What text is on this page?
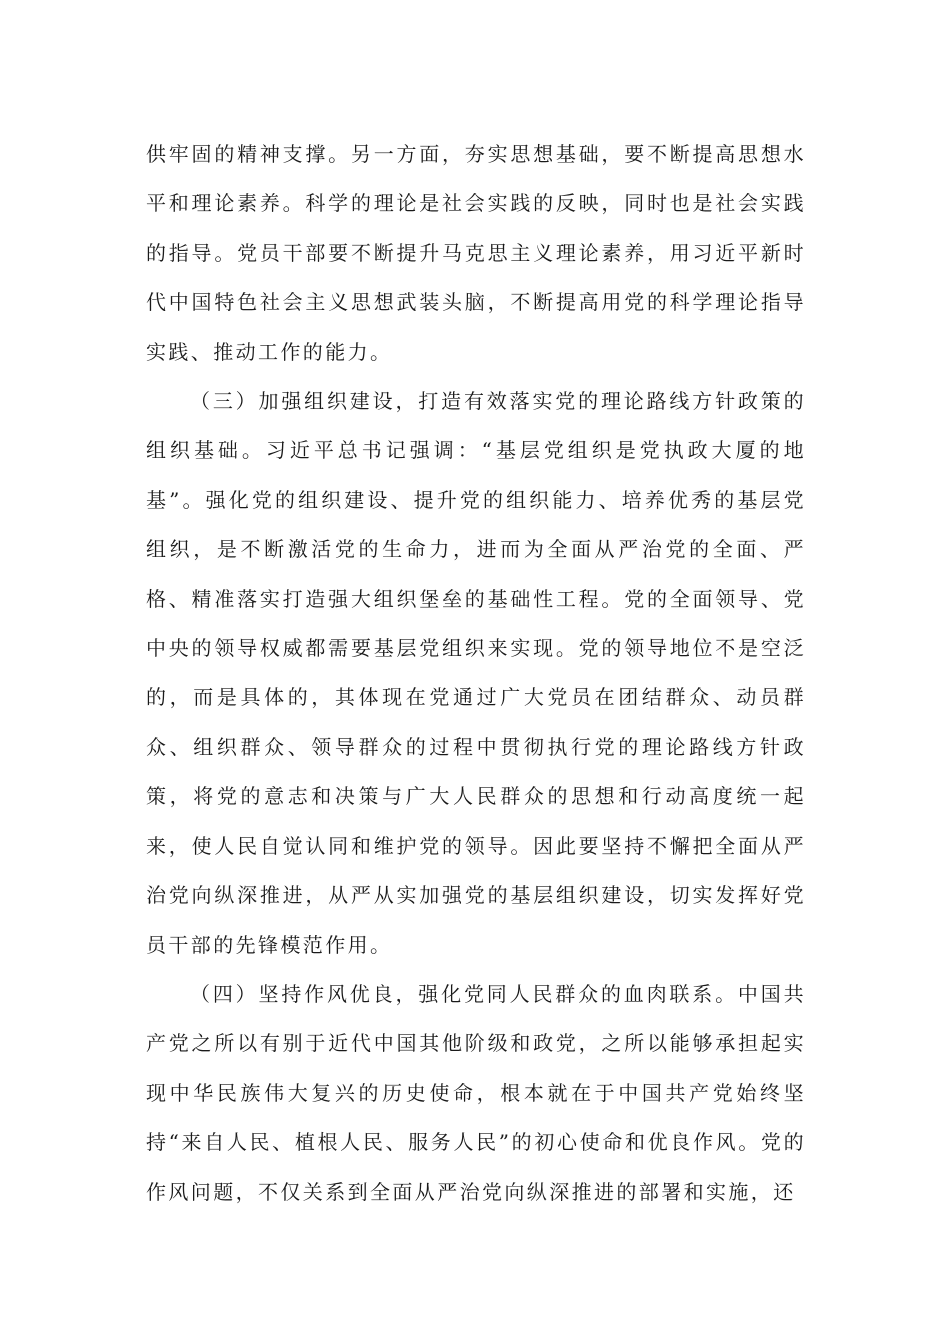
供牢固的精神支撑。另一方面，夯实思想基础，要不断提高思想水平和理论素养。科学的理论是社会实践的反映，同时也是社会实践的指导。党员干部要不断提升马克思主义理论素养，用习近平新时代中国特色社会主义思想武装头脑，不断提高用党的科学理论指导实践、推动工作的能力。

（三）加强组织建设，打造有效落实党的理论路线方针政策的组织基础。习近平总书记强调：“基层党组织是党执政大厦的地基”。强化党的组织建设、提升党的组织能力、培养优秀的基层党组织，是不断激活党的生命力，进而为全面从严治党的全面、严格、精准落实打造强大组织堡垒的基础性工程。党的全面领导、党中央的领导权威都需要基层党组织来实现。党的领导地位不是空泛的，而是具体的，其体现在党通过广大党员在团结群众、动员群众、组织群众、领导群众的过程中贯彻执行党的理论路线方针政策，将党的意志和决策与广大人民群众的思想和行动高度统一起来，使人民自觉认同和维护党的领导。因此要坚持不懈把全面从严治党向纵深推进，从严从实加强党的基层组织建设，切实发挥好党员干部的先锋模范作用。

（四）坚持作风优良，强化党同人民群众的血肉联系。中国共产党之所以有别于近代中国其他阶级和政党，之所以能够承担起实现中华民族伟大复兴的历史使命，根本就在于中国共产党始终坚持“来自人民、植根人民、服务人民”的初心使命和优良作风。党的作风问题，不仅关系到全面从严治党向纵深推进的部署和实施，还
